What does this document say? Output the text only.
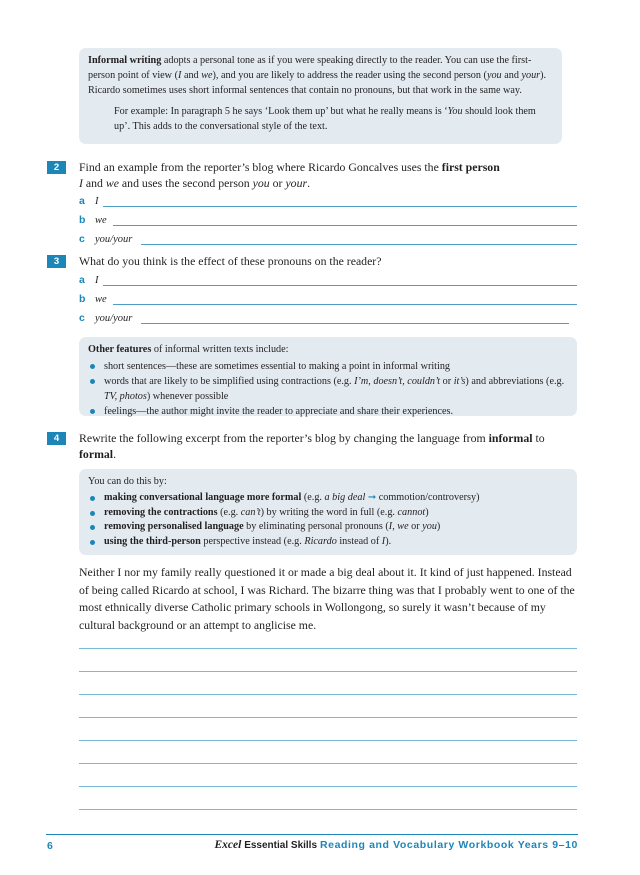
Informal writing adopts a personal tone as if you were speaking directly to the reader. You can use the first-person point of view (I and we), and you are likely to address the reader using the second person (you and your). Ricardo sometimes uses short informal sentences that contain no pronouns, but that work in the same way.

For example: In paragraph 5 he says ‘Look them up’ but what he really means is ‘You should look them up’. This adds to the conversational style of the text.

2	Find an example from the reporter’s blog where Ricardo Goncalves uses the first person
I and we and uses the second person you or your.
a I
b we
c you/your
3	What do you think is the effect of these pronouns on the reader?
a I
b we
c you/your

Other features of informal written texts include:

short sentences—these are sometimes essential to making a point in informal writing
words that are likely to be simplified using contractions (e.g. I’m, doesn’t, couldn’t or it’s) and abbreviations (e.g. TV, photos) whenever possible
feelings—the author might invite the reader to appreciate and share their experiences.
4	Rewrite the following excerpt from the reporter’s blog by changing the language from informal to formal.

You can do this by:

making conversational language more formal (e.g. a big deal ➞ commotion/controversy)
removing the contractions (e.g. can’t) by writing the word in full (e.g. cannot)
removing personalised language by eliminating personal pronouns (I, we or you)
using the third-person perspective instead (e.g. Ricardo instead of I).
Neither I nor my family really questioned it or made a big deal about it. It kind of just happened. Instead of being called Ricardo at school, I was Richard. The bizarre thing was that I probably went to one of the most ethnically diverse Catholic primary schools in Wollongong, so surely it wasn’t because of my cultural background or an attempt to anglicise me.
6	Excel Essential Skills Reading and Vocabulary Workbook Years 9–10
